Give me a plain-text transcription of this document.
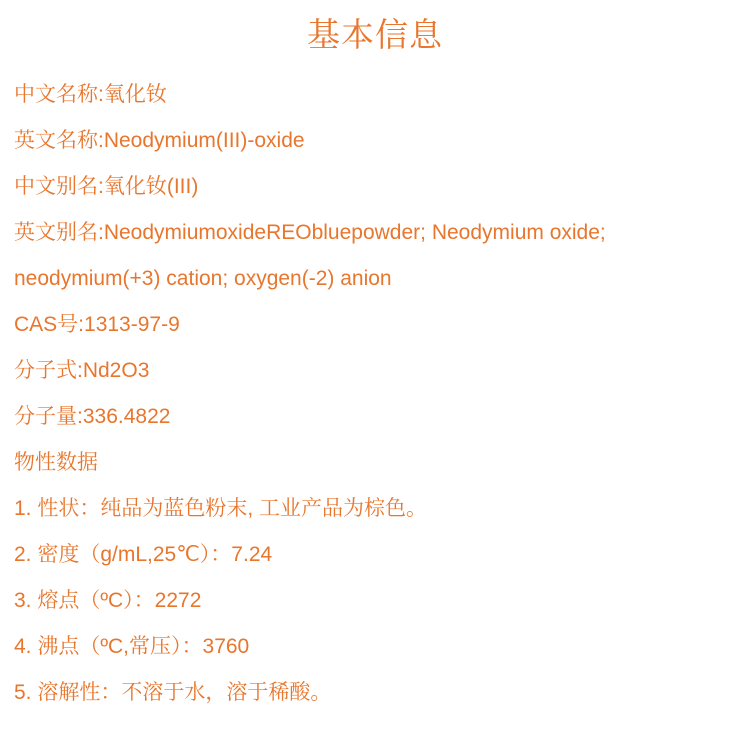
基本信息
中文名称:氧化钕
英文名称:Neodymium(III)-oxide
中文别名:氧化钕(III)
英文别名:NeodymiumoxideREObluepowder; Neodymium oxide; neodymium(+3) cation; oxygen(-2) anion
CAS号:1313-97-9
分子式:Nd2O3
分子量:336.4822
物性数据
1. 性状：纯品为蓝色粉末, 工业产品为棕色。
2. 密度（g/mL,25℃）：7.24
3. 熔点（ºC）：2272
4. 沸点（ºC,常压）：3760
5. 溶解性：不溶于水，溶于稀酸。
